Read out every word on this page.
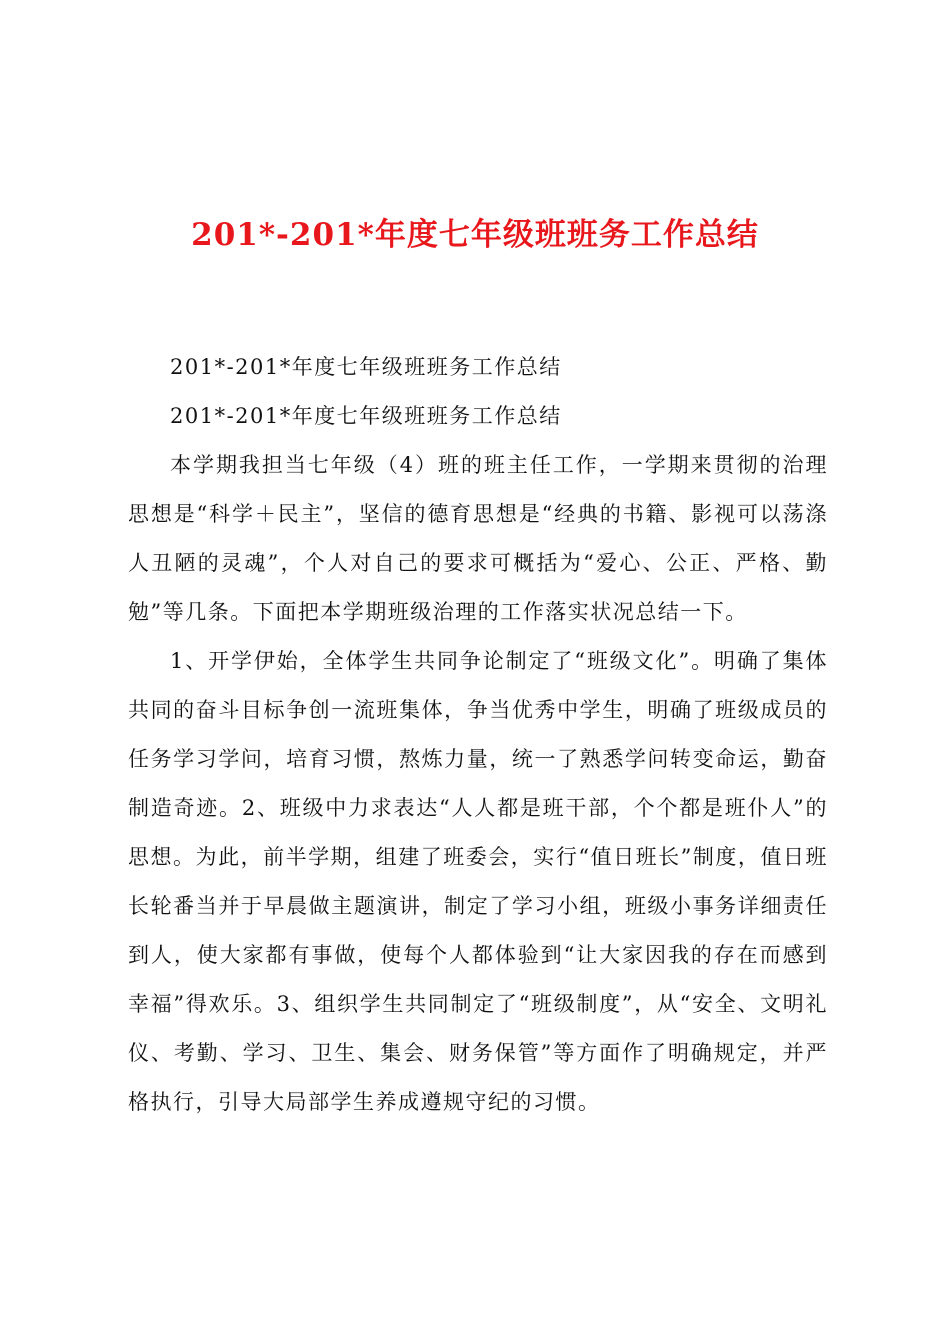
201*-201*年度七年级班班务工作总结

201*-201*年度七年级班班务工作总结

201*-201*年度七年级班班务工作总结

本学期我担当七年级（4）班的班主任工作，一学期来贯彻的治理思想是“科学＋民主”，坚信的德育思想是“经典的书籍、影视可以荡涤人丑陋的灵魂”，个人对自己的要求可概括为“爱心、公正、严格、勤勉”等几条。下面把本学期班级治理的工作落实状况总结一下。

1、开学伊始，全体学生共同争论制定了“班级文化”。明确了集体共同的奋斗目标争创一流班集体，争当优秀中学生，明确了班级成员的任务学习学问，培育习惯，熬炼力量，统一了熟悉学问转变命运，勤奋制造奇迹。2、班级中力求表达“人人都是班干部，个个都是班仆人”的思想。为此，前半学期，组建了班委会，实行“值日班长”制度，值日班长轮番当并于早晨做主题演讲，制定了学习小组，班级小事务详细责任到人，使大家都有事做，使每个人都体验到“让大家因我的存在而感到幸福”得欢乐。3、组织学生共同制定了“班级制度”，从“安全、文明礼仪、考勤、学习、卫生、集会、财务保管”等方面作了明确规定，并严格执行，引导大局部学生养成遵规守纪的习惯。
